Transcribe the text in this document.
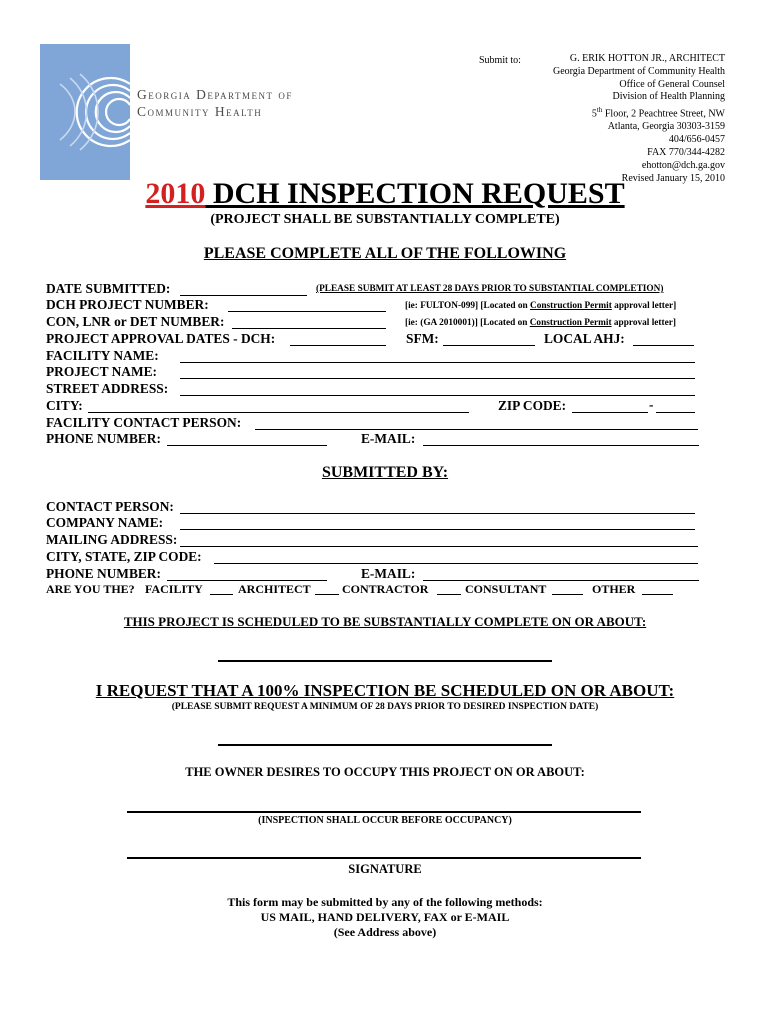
Georgia Department of
Community Health
Submit to:	G. ERIK HOTTON JR., ARCHITECT
Georgia Department of Community Health
Office of General Counsel
Division of Health Planning
5th Floor, 2 Peachtree Street, NW
Atlanta, Georgia 30303-3159
404/656-0457
FAX 770/344-4282
ehotton@dch.ga.gov
Revised January 15, 2010
2010 DCH INSPECTION REQUEST
(PROJECT SHALL BE SUBSTANTIALLY COMPLETE)
PLEASE COMPLETE ALL OF THE FOLLOWING
DATE SUBMITTED:	(PLEASE SUBMIT AT LEAST 28 DAYS PRIOR TO SUBSTANTIAL COMPLETION)
DCH PROJECT NUMBER:	[ie: FULTON-099] [Located on Construction Permit approval letter]
CON, LNR or DET NUMBER:	[ie: (GA 2010001)] [Located on Construction Permit approval letter]
PROJECT APPROVAL DATES - DCH:	SFM:	LOCAL AHJ:
FACILITY NAME:
PROJECT NAME:
STREET ADDRESS:
CITY:	ZIP CODE:	-
FACILITY CONTACT PERSON:
PHONE NUMBER:	E-MAIL:
SUBMITTED BY:
CONTACT PERSON:
COMPANY NAME:
MAILING ADDRESS:
CITY, STATE, ZIP CODE:
PHONE NUMBER:	E-MAIL:
ARE YOU THE? FACILITY	ARCHITECT	CONTRACTOR	CONSULTANT	OTHER
THIS PROJECT IS SCHEDULED TO BE SUBSTANTIALLY COMPLETE ON OR ABOUT:
I REQUEST THAT A 100% INSPECTION BE SCHEDULED ON OR ABOUT:
(PLEASE SUBMIT REQUEST A MINIMUM OF 28 DAYS PRIOR TO DESIRED INSPECTION DATE)
THE OWNER DESIRES TO OCCUPY THIS PROJECT ON OR ABOUT:
(INSPECTION SHALL OCCUR BEFORE OCCUPANCY)
SIGNATURE
This form may be submitted by any of the following methods:
US MAIL, HAND DELIVERY, FAX or E-MAIL
(See Address above)
